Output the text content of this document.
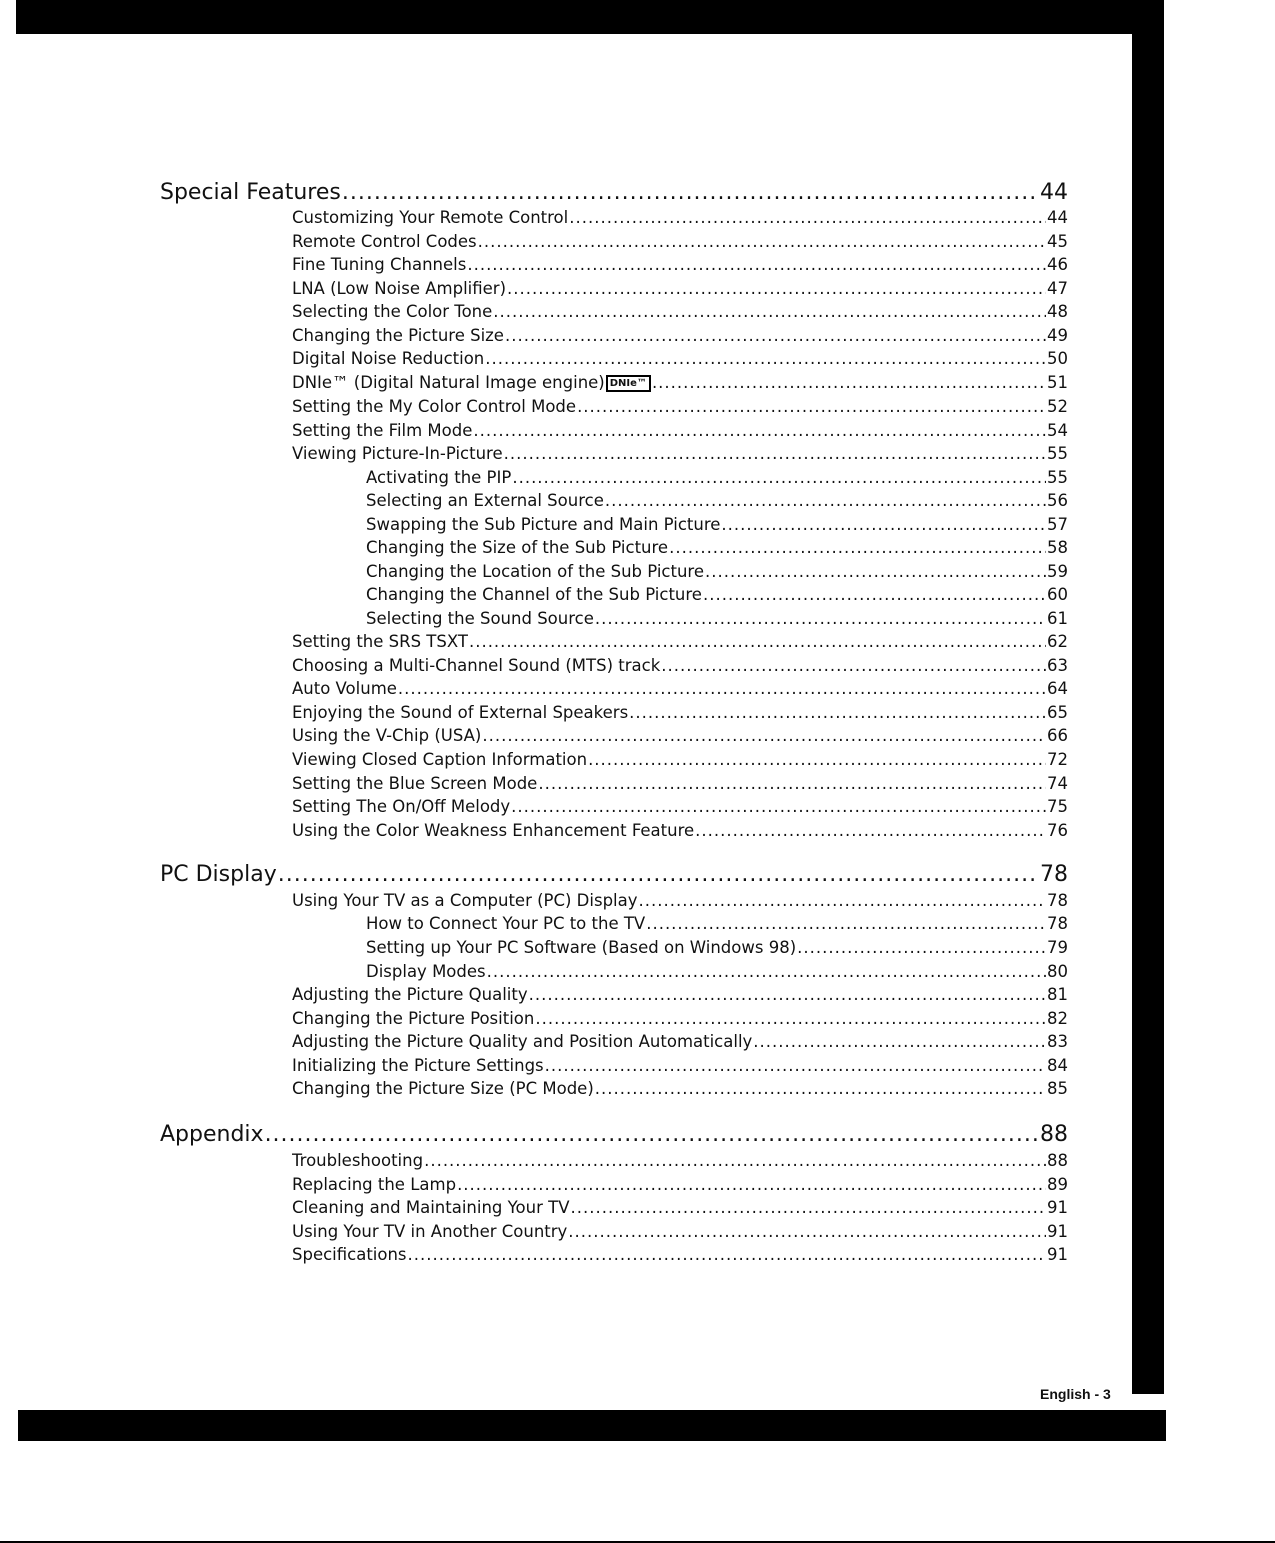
Special Features .....	44
Customizing Your Remote Control .....	44
Remote Control Codes .....	45
Fine Tuning Channels .....	46
LNA (Low Noise Amplifier) .....	47
Selecting the Color Tone .....	48
Changing the Picture Size .....	49
Digital Noise Reduction .....	50
DNIe™ (Digital Natural Image engine) DNIe™ .....	51
Setting the My Color Control Mode .....	52
Setting the Film Mode .....	54
Viewing Picture-In-Picture .....	55
Activating the PIP .....	55
Selecting an External Source .....	56
Swapping the Sub Picture and Main Picture .....	57
Changing the Size of the Sub Picture .....	58
Changing the Location of the Sub Picture .....	59
Changing the Channel of the Sub Picture .....	60
Selecting the Sound Source .....	61
Setting the SRS TSXT .....	62
Choosing a Multi-Channel Sound (MTS) track .....	63
Auto Volume .....	64
Enjoying the Sound of External Speakers .....	65
Using the V-Chip (USA) .....	66
Viewing Closed Caption Information .....	72
Setting the Blue Screen Mode .....	74
Setting The On/Off Melody .....	75
Using the Color Weakness Enhancement Feature .....	76
PC Display .....	78
Using Your TV as a Computer (PC) Display .....	78
How to Connect Your PC to the TV .....	78
Setting up Your PC Software (Based on Windows 98) .....	79
Display Modes .....	80
Adjusting the Picture Quality .....	81
Changing the Picture Position .....	82
Adjusting the Picture Quality and Position Automatically .....	83
Initializing the Picture Settings .....	84
Changing the Picture Size (PC Mode) .....	85
Appendix .....	88
Troubleshooting .....	88
Replacing the Lamp .....	89
Cleaning and Maintaining Your TV .....	91
Using Your TV in Another Country .....	91
Specifications .....	91
English - 3
